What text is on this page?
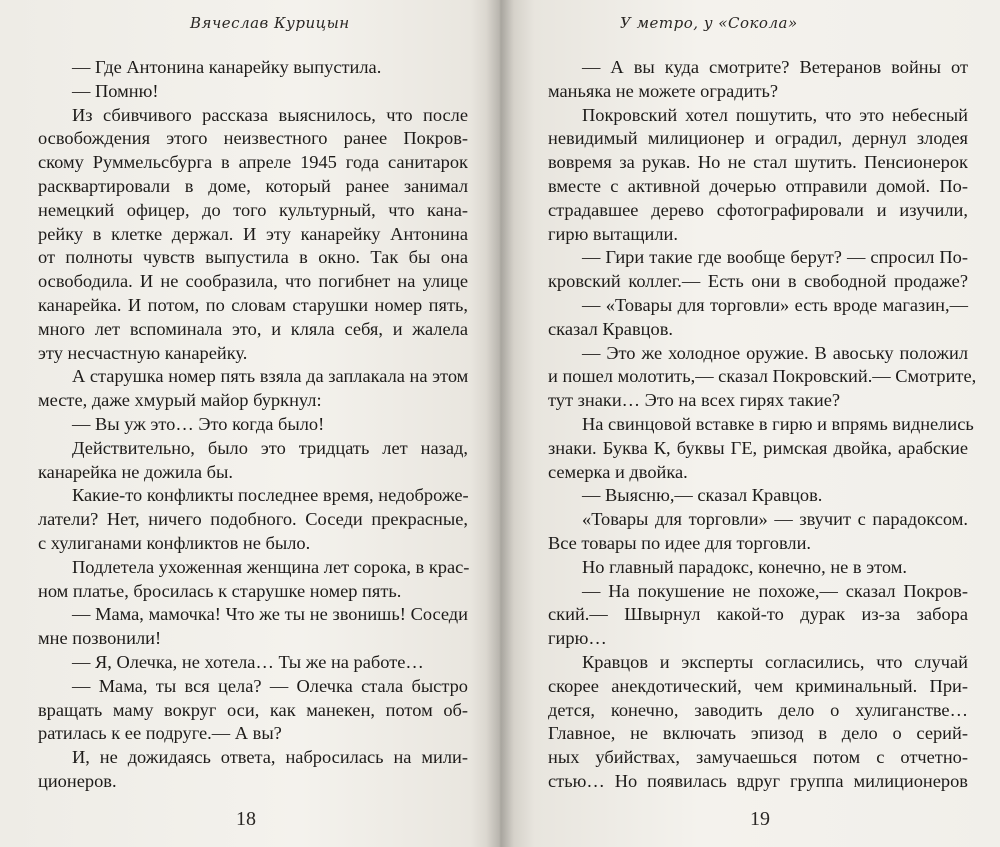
Вячеслав Курицын
— Где Антонина канарейку выпустила.
— Помню!
Из сбивчивого рассказа выяснилось, что после
освобождения этого неизвестного ранее Покров-
скому Руммельсбурга в апреле 1945 года санитарок
расквартировали в доме, который ранее занимал
немецкий офицер, до того культурный, что кана-
рейку в клетке держал. И эту канарейку Антонина
от полноты чувств выпустила в окно. Так бы она
освободила. И не сообразила, что погибнет на улице
канарейка. И потом, по словам старушки номер пять,
много лет вспоминала это, и кляла себя, и жалела
эту несчастную канарейку.
А старушка номер пять взяла да заплакала на этом
месте, даже хмурый майор буркнул:
— Вы уж это… Это когда было!
Действительно, было это тридцать лет назад,
канарейка не дожила бы.
Какие-то конфликты последнее время, недоброже-
латели? Нет, ничего подобного. Соседи прекрасные,
с хулиганами конфликтов не было.
Подлетела ухоженная женщина лет сорока, в крас-
ном платье, бросилась к старушке номер пять.
— Мама, мамочка! Что же ты не звонишь! Соседи
мне позвонили!
— Я, Олечка, не хотела… Ты же на работе…
— Мама, ты вся цела? — Олечка стала быстро
вращать маму вокруг оси, как манекен, потом об-
ратилась к ее подруге.— А вы?
И, не дожидаясь ответа, набросилась на мили-
ционеров.
18
У метро, у «Сокола»
19
— А вы куда смотрите? Ветеранов войны от
маньяка не можете оградить?
Покровский хотел пошутить, что это небесный
невидимый милиционер и оградил, дернул злодея
вовремя за рукав. Но не стал шутить. Пенсионерок
вместе с активной дочерью отправили домой. По-
страдавшее дерево сфотографировали и изучили,
гирю вытащили.
— Гири такие где вообще берут? — спросил По-
кровский коллег.— Есть они в свободной продаже?
— «Товары для торговли» есть вроде магазин,—
сказал Кравцов.
— Это же холодное оружие. В авоську положил
и пошел молотить,— сказал Покровский.— Смотрите,
тут знаки… Это на всех гирях такие?
На свинцовой вставке в гирю и впрямь виднелись
знаки. Буква К, буквы ГЕ, римская двойка, арабские
семерка и двойка.
— Выясню,— сказал Кравцов.
«Товары для торговли» — звучит с парадоксом.
Все товары по идее для торговли.
Но главный парадокс, конечно, не в этом.
— На покушение не похоже,— сказал Покров-
ский.— Швырнул какой-то дурак из-за забора
гирю…
Кравцов и эксперты согласились, что случай
скорее анекдотический, чем криминальный. При-
дется, конечно, заводить дело о хулиганстве…
Главное, не включать эпизод в дело о серий-
ных убийствах, замучаешься потом с отчетно-
стью… Но появилась вдруг группа милиционеров
